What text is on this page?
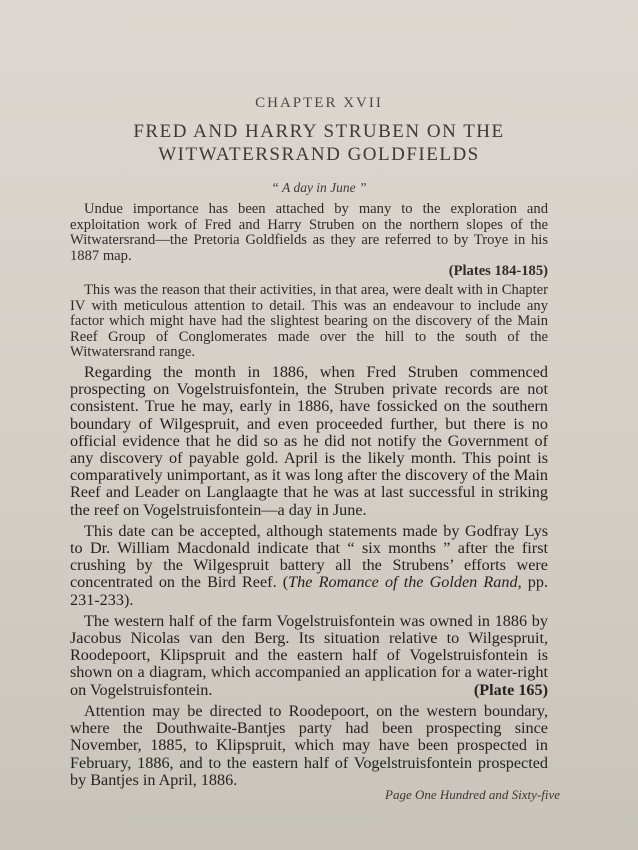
CHAPTER XVII
FRED AND HARRY STRUBEN ON THE
WITWATERSRAND GOLDFIELDS
“ A day in June ”

Undue importance has been attached by many to the exploration and exploitation work of Fred and Harry Struben on the northern slopes of the Witwatersrand—the Pretoria Goldfields as they are referred to by Troye in his 1887 map.
(Plates 184-185)

This was the reason that their activities, in that area, were dealt with in Chapter IV with meticulous attention to detail. This was an endeavour to include any factor which might have had the slightest bearing on the discovery of the Main Reef Group of Conglomerates made over the hill to the south of the Witwatersrand range.

Regarding the month in 1886, when Fred Struben commenced prospecting on Vogelstruisfontein, the Struben private records are not consistent. True he may, early in 1886, have fossicked on the southern boundary of Wilgespruit, and even proceeded further, but there is no official evidence that he did so as he did not notify the Government of any discovery of payable gold. April is the likely month. This point is comparatively unimportant, as it was long after the discovery of the Main Reef and Leader on Langlaagte that he was at last successful in striking the reef on Vogelstruisfontein—a day in June.

This date can be accepted, although statements made by Godfray Lys to Dr. William Macdonald indicate that “ six months ” after the first crushing by the Wilgespruit battery all the Strubens’ efforts were concentrated on the Bird Reef. (The Romance of the Golden Rand, pp. 231-233).

The western half of the farm Vogelstruisfontein was owned in 1886 by Jacobus Nicolas van den Berg. Its situation relative to Wilgespruit, Roodepoort, Klipspruit and the eastern half of Vogelstruisfontein is shown on a diagram, which accompanied an application for a water-right on Vogelstruisfontein.	(Plate 165)

Attention may be directed to Roodepoort, on the western boundary, where the Douthwaite-Bantjes party had been prospecting since November, 1885, to Klipspruit, which may have been prospected in February, 1886, and to the eastern half of Vogelstruisfontein prospected by Bantjes in April, 1886.

Page One Hundred and Sixty-five
